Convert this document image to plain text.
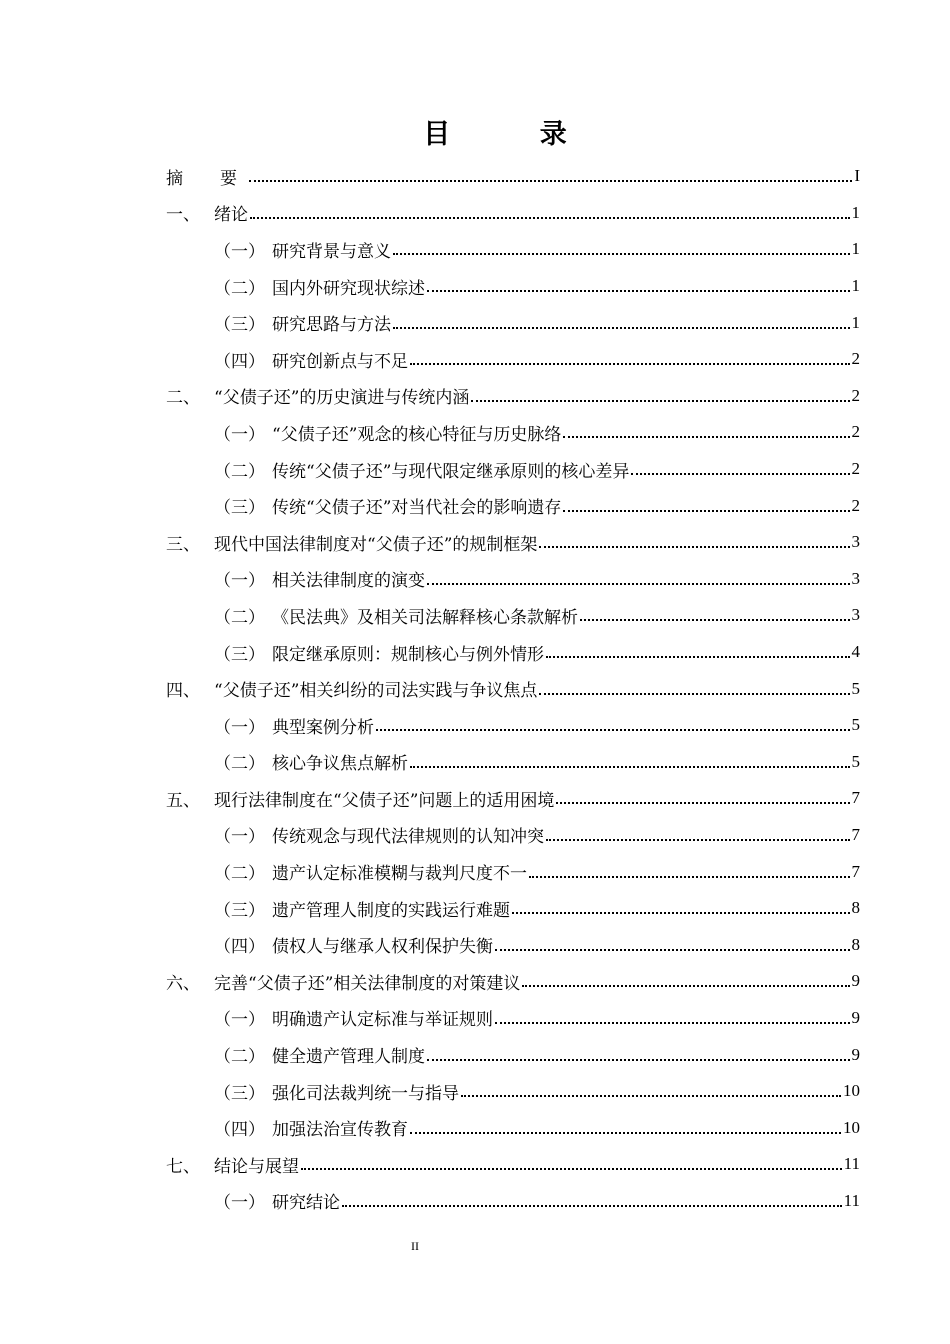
目 录
摘　要	I
一、 绪论	1
（一） 研究背景与意义	1
（二） 国内外研究现状综述	1
（三） 研究思路与方法	1
（四） 研究创新点与不足	2
二、 “父债子还”的历史演进与传统内涵	2
（一） “父债子还”观念的核心特征与历史脉络	2
（二） 传统“父债子还”与现代限定继承原则的核心差异	2
（三） 传统“父债子还”对当代社会的影响遗存	2
三、 现代中国法律制度对“父债子还”的规制框架	3
（一） 相关法律制度的演变	3
（二） 《民法典》及相关司法解释核心条款解析	3
（三） 限定继承原则：规制核心与例外情形	4
四、 “父债子还”相关纠纷的司法实践与争议焦点	5
（一） 典型案例分析	5
（二） 核心争议焦点解析	5
五、 现行法律制度在“父债子还”问题上的适用困境	7
（一） 传统观念与现代法律规则的认知冲突	7
（二） 遗产认定标准模糊与裁判尺度不一	7
（三） 遗产管理人制度的实践运行难题	8
（四） 债权人与继承人权利保护失衡	8
六、 完善“父债子还”相关法律制度的对策建议	9
（一） 明确遗产认定标准与举证规则	9
（二） 健全遗产管理人制度	9
（三） 强化司法裁判统一与指导	10
（四） 加强法治宣传教育	10
七、 结论与展望	11
（一） 研究结论	11
II
